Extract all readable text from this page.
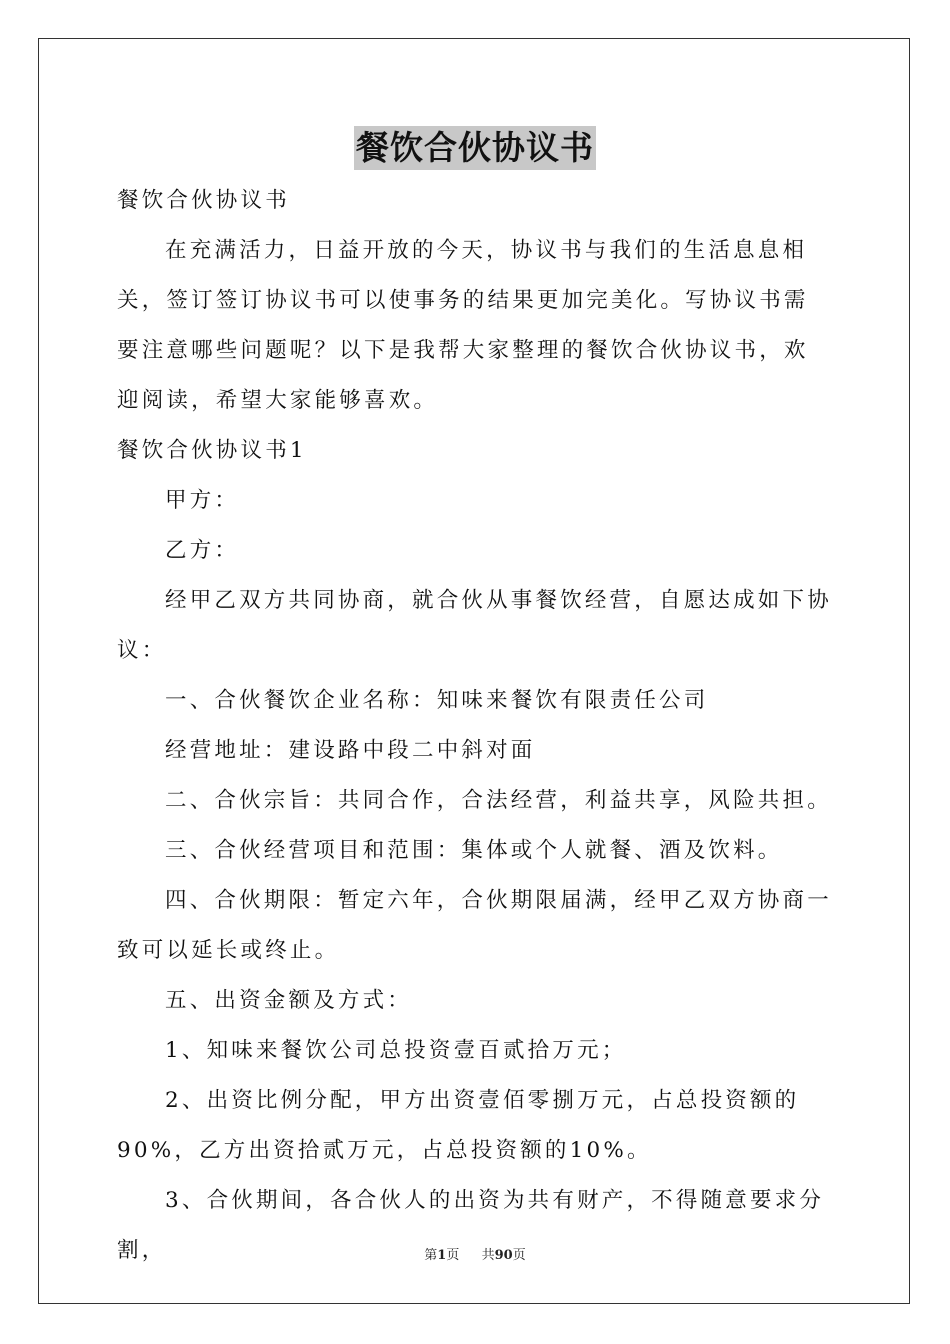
餐饮合伙协议书

餐饮合伙协议书

在充满活力，日益开放的今天，协议书与我们的生活息息相关，签订签订协议书可以使事务的结果更加完美化。写协议书需要注意哪些问题呢？以下是我帮大家整理的餐饮合伙协议书，欢迎阅读，希望大家能够喜欢。

餐饮合伙协议书1

甲方：

乙方：

经甲乙双方共同协商，就合伙从事餐饮经营，自愿达成如下协议：

一、合伙餐饮企业名称：知味来餐饮有限责任公司

经营地址：建设路中段二中斜对面

二、合伙宗旨：共同合作，合法经营，利益共享，风险共担。

三、合伙经营项目和范围：集体或个人就餐、酒及饮料。

四、合伙期限：暂定六年，合伙期限届满，经甲乙双方协商一致可以延长或终止。

五、出资金额及方式：

1、知味来餐饮公司总投资壹百贰拾万元；

2、出资比例分配，甲方出资壹佰零捌万元，占总投资额的90%，乙方出资拾贰万元，占总投资额的10%。

3、合伙期间，各合伙人的出资为共有财产，不得随意要求分割，	第1页 共90页
